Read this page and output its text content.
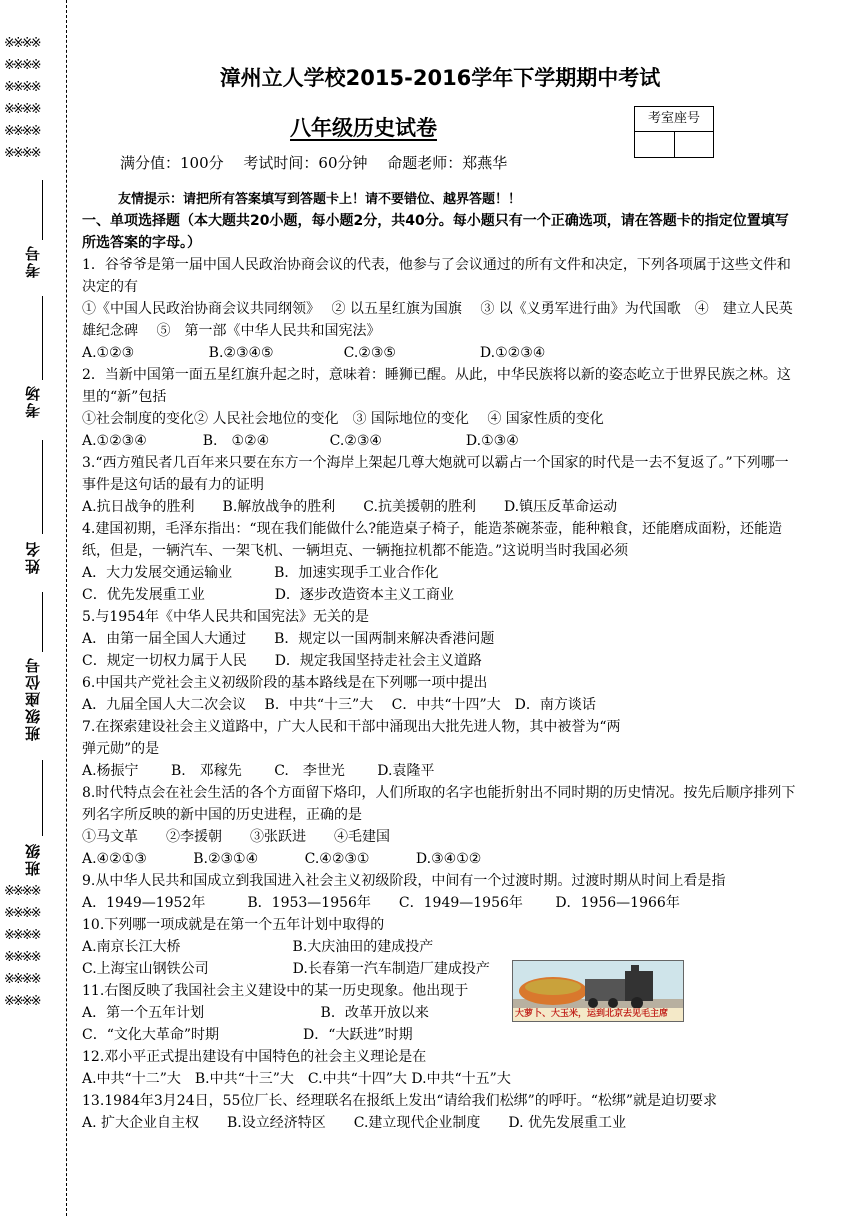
※※※※
※※※※
※※※※
※※※※
※※※※
※※※※
考号
考场
姓名
班级座位号
班级
※※※※
※※※※
※※※※
※※※※
※※※※
※※※※
漳州立人学校2015-2016学年下学期期中考试
八年级历史试卷	考室座号
满分值：100分　 考试时间：60分钟　 命题老师：郑燕华
友情提示：请把所有答案填写到答题卡上！请不要错位、越界答题！！
一、单项选择题（本大题共20小题，每小题2分，共40分。每小题只有一个正确选项，请在答题卡的指定位置填写所选答案的字母。）

1．谷爷爷是第一届中国人民政治协商会议的代表，他参与了会议通过的所有文件和决定，下列各项属于这些文件和决定的有

①《中国人民政治协商会议共同纲领》　 ② 以五星红旗为国旗　 ③ 以《义勇军进行曲》为代国歌　④　建立人民英雄纪念碑　 ⑤　第一部《中华人民共和国宪法》

A.①②③　　　　　 B.②③④⑤　　　　　C.②③⑤　　　　　　D.①②③④

2．当新中国第一面五星红旗升起之时，意味着：睡狮已醒。从此，中华民族将以新的姿态屹立于世界民族之林。这里的“新”包括

①社会制度的变化② 人民社会地位的变化　③ 国际地位的变化　 ④ 国家性质的变化

A.①②③④　　　　B.　①②④　　　　 C.②③④　　　　　　D.①③④

3.“西方殖民者几百年来只要在东方一个海岸上架起几尊大炮就可以霸占一个国家的时代是一去不复返了。”下列哪一事件是这句话的最有力的证明

A.抗日战争的胜利　　B.解放战争的胜利　　C.抗美援朝的胜利　　D.镇压反革命运动

4.建国初期，毛泽东指出：“现在我们能做什么?能造桌子椅子，能造茶碗茶壶，能种粮食，还能磨成面粉，还能造纸，但是，一辆汽车、一架飞机、一辆坦克、一辆拖拉机都不能造。”这说明当时我国必须

A．大力发展交通运输业　　　B．加速实现手工业合作化
C．优先发展重工业　　　　　D．逐步改造资本主义工商业

5.与1954年《中华人民共和国宪法》无关的是

A．由第一届全国人大通过　　B．规定以一国两制来解决香港问题
C．规定一切权力属于人民　　D．规定我国坚持走社会主义道路

6.中国共产党社会主义初级阶段的基本路线是在下列哪一项中提出

A．九届全国人大二次会议　 B．中共“十三”大　 C．中共“十四”大　D．南方谈话

7.在探索建设社会主义道路中，广大人民和干部中涌现出大批先进人物，其中被誉为“两
弹元勋”的是

A.杨振宁　　 B.　邓稼先　　 C.　李世光　　 D.袁隆平

8.时代特点会在社会生活的各个方面留下烙印，人们所取的名字也能折射出不同时期的历史情况。按先后顺序排列下列名字所反映的新中国的历史进程，正确的是

①马文革　　②李援朝　　③张跃进　　④毛建国

A.④②①③　　　 B.②③①④　　　 C.④②③①　　　 D.③④①②

9.从中华人民共和国成立到我国进入社会主义初级阶段，中间有一个过渡时期。过渡时期从时间上看是指

A．1949—1952年　　　B．1953—1956年　　C．1949—1956年　　 D．1956—1966年

10.下列哪一项成就是在第一个五年计划中取得的

A.南京长江大桥　　　　　　　　B.大庆油田的建成投产
C.上海宝山钢铁公司　　　　　　D.长春第一汽车制造厂建成投产

11.右图反映了我国社会主义建设中的某一历史现象。他出现于

A．第一个五年计划　　　　　　　　 B．改革开放以来
C．“文化大革命”时期　　　　　　D．“大跃进”时期

12.邓小平正式提出建设有中国特色的社会主义理论是在

A.中共“十二”大　B.中共“十三”大　C.中共“十四”大 D.中共“十五”大

13.1984年3月24日，55位厂长、经理联名在报纸上发出“请给我们松绑”的呼吁。“松绑”就是迫切要求

A. 扩大企业自主权　　B.设立经济特区　　C.建立现代企业制度　　D. 优先发展重工业

大萝卜、大玉米，运到北京去见毛主席
